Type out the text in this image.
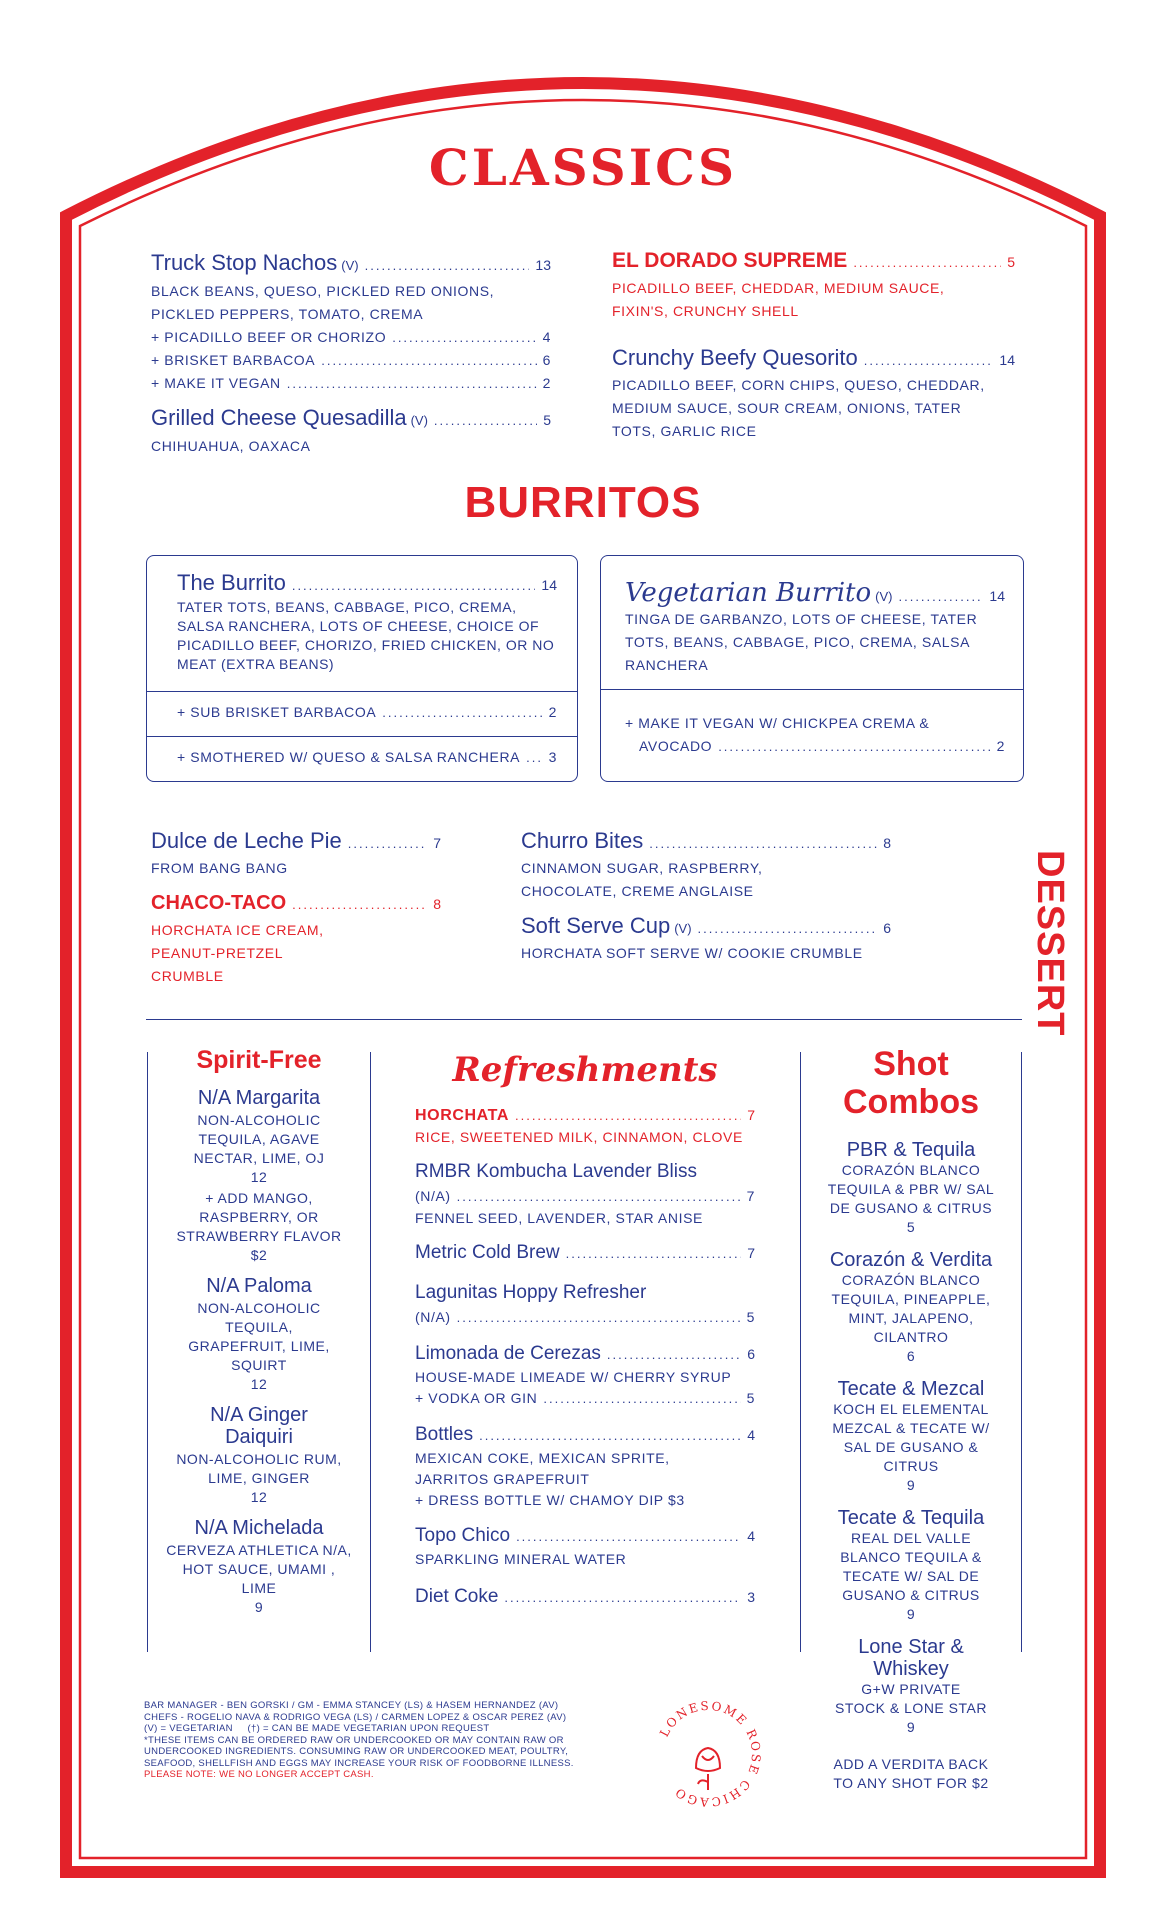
CLASSICS
Truck Stop Nachos (V) .....	13
BLACK BEANS, QUESO, PICKLED RED ONIONS, PICKLED PEPPERS, TOMATO, CREMA
+ PICADILLO BEEF OR CHORIZO .....	4
+ BRISKET BARBACOA .....	6
+ MAKE IT VEGAN .....	2
Grilled Cheese Quesadilla (V) .....	5
CHIHUAHUA, OAXACA
EL DORADO SUPREME .....	5
PICADILLO BEEF, CHEDDAR, MEDIUM SAUCE, FIXIN'S, CRUNCHY SHELL
Crunchy Beefy Quesorito .....	14
PICADILLO BEEF, CORN CHIPS, QUESO, CHEDDAR, MEDIUM SAUCE, SOUR CREAM, ONIONS, TATER TOTS, GARLIC RICE
BURRITOS
The Burrito .....	14
TATER TOTS, BEANS, CABBAGE, PICO, CREMA, SALSA RANCHERA, LOTS OF CHEESE, CHOICE OF PICADILLO BEEF, CHORIZO, FRIED CHICKEN, OR NO MEAT (EXTRA BEANS)
+ SUB BRISKET BARBACOA .....	2
+ SMOTHERED W/ QUESO & SALSA RANCHERA ..... 3
Vegetarian Burrito (V) .....	14
TINGA DE GARBANZO, LOTS OF CHEESE, TATER TOTS, BEANS, CABBAGE, PICO, CREMA, SALSA RANCHERA
+ MAKE IT VEGAN W/ CHICKPEA CREMA &
AVOCADO .....	2
Dulce de Leche Pie .....	7
FROM BANG BANG
CHACO-TACO .....	8
HORCHATA ICE CREAM, PEANUT-PRETZEL CRUMBLE
Churro Bites .....	8
CINNAMON SUGAR, RASPBERRY, CHOCOLATE, CREME ANGLAISE
Soft Serve Cup (V) .....	6
HORCHATA SOFT SERVE W/ COOKIE CRUMBLE	DESSERT
Spirit-Free
N/A Margarita
NON-ALCOHOLIC TEQUILA, AGAVE NECTAR, LIME, OJ
12
+ ADD MANGO, RASPBERRY, OR STRAWBERRY FLAVOR $2
N/A Paloma
NON-ALCOHOLIC TEQUILA, GRAPEFRUIT, LIME, SQUIRT
12
N/A Ginger Daiquiri
NON-ALCOHOLIC RUM, LIME, GINGER
12
N/A Michelada
CERVEZA ATHLETICA N/A, HOT SAUCE, UMAMI , LIME
9
Refreshments
HORCHATA .....	7
RICE, SWEETENED MILK, CINNAMON, CLOVE
RMBR Kombucha Lavender Bliss
(N/A) .....	7
FENNEL SEED, LAVENDER, STAR ANISE
Metric Cold Brew .....	7
Lagunitas Hoppy Refresher
(N/A) .....	5
Limonada de Cerezas .....	6
HOUSE-MADE LIMEADE W/ CHERRY SYRUP
+ VODKA OR GIN .....	5
Bottles .....	4
MEXICAN COKE, MEXICAN SPRITE, JARRITOS GRAPEFRUIT
+ DRESS BOTTLE W/ CHAMOY DIP $3
Topo Chico .....	4
SPARKLING MINERAL WATER
Diet Coke .....	3
Shot
Combos
PBR & Tequila
CORAZÓN BLANCO TEQUILA & PBR W/ SAL DE GUSANO & CITRUS
5
Corazón & Verdita
CORAZÓN BLANCO TEQUILA, PINEAPPLE, MINT, JALAPENO, CILANTRO
6
Tecate & Mezcal
KOCH EL ELEMENTAL MEZCAL & TECATE W/ SAL DE GUSANO & CITRUS
9
Tecate & Tequila
REAL DEL VALLE BLANCO TEQUILA & TECATE W/ SAL DE GUSANO & CITRUS
9
Lone Star & Whiskey
G+W PRIVATE STOCK & LONE STAR
9
ADD A VERDITA BACK TO ANY SHOT FOR $2
BAR MANAGER - BEN GORSKI / GM - EMMA STANCEY (LS) & HASEM HERNANDEZ (AV)
CHEFS - ROGELIO NAVA & RODRIGO VEGA (LS) / CARMEN LOPEZ & OSCAR PEREZ (AV)
(V) = VEGETARIAN     (†) = CAN BE MADE VEGETARIAN UPON REQUEST
*THESE ITEMS CAN BE ORDERED RAW OR UNDERCOOKED OR MAY CONTAIN RAW OR UNDERCOOKED INGREDIENTS. CONSUMING RAW OR UNDERCOOKED MEAT, POULTRY, SEAFOOD, SHELLFISH AND EGGS MAY INCREASE YOUR RISK OF FOODBORNE ILLNESS.
PLEASE NOTE: WE NO LONGER ACCEPT CASH.
LONESOME ROSE CHICAGO
